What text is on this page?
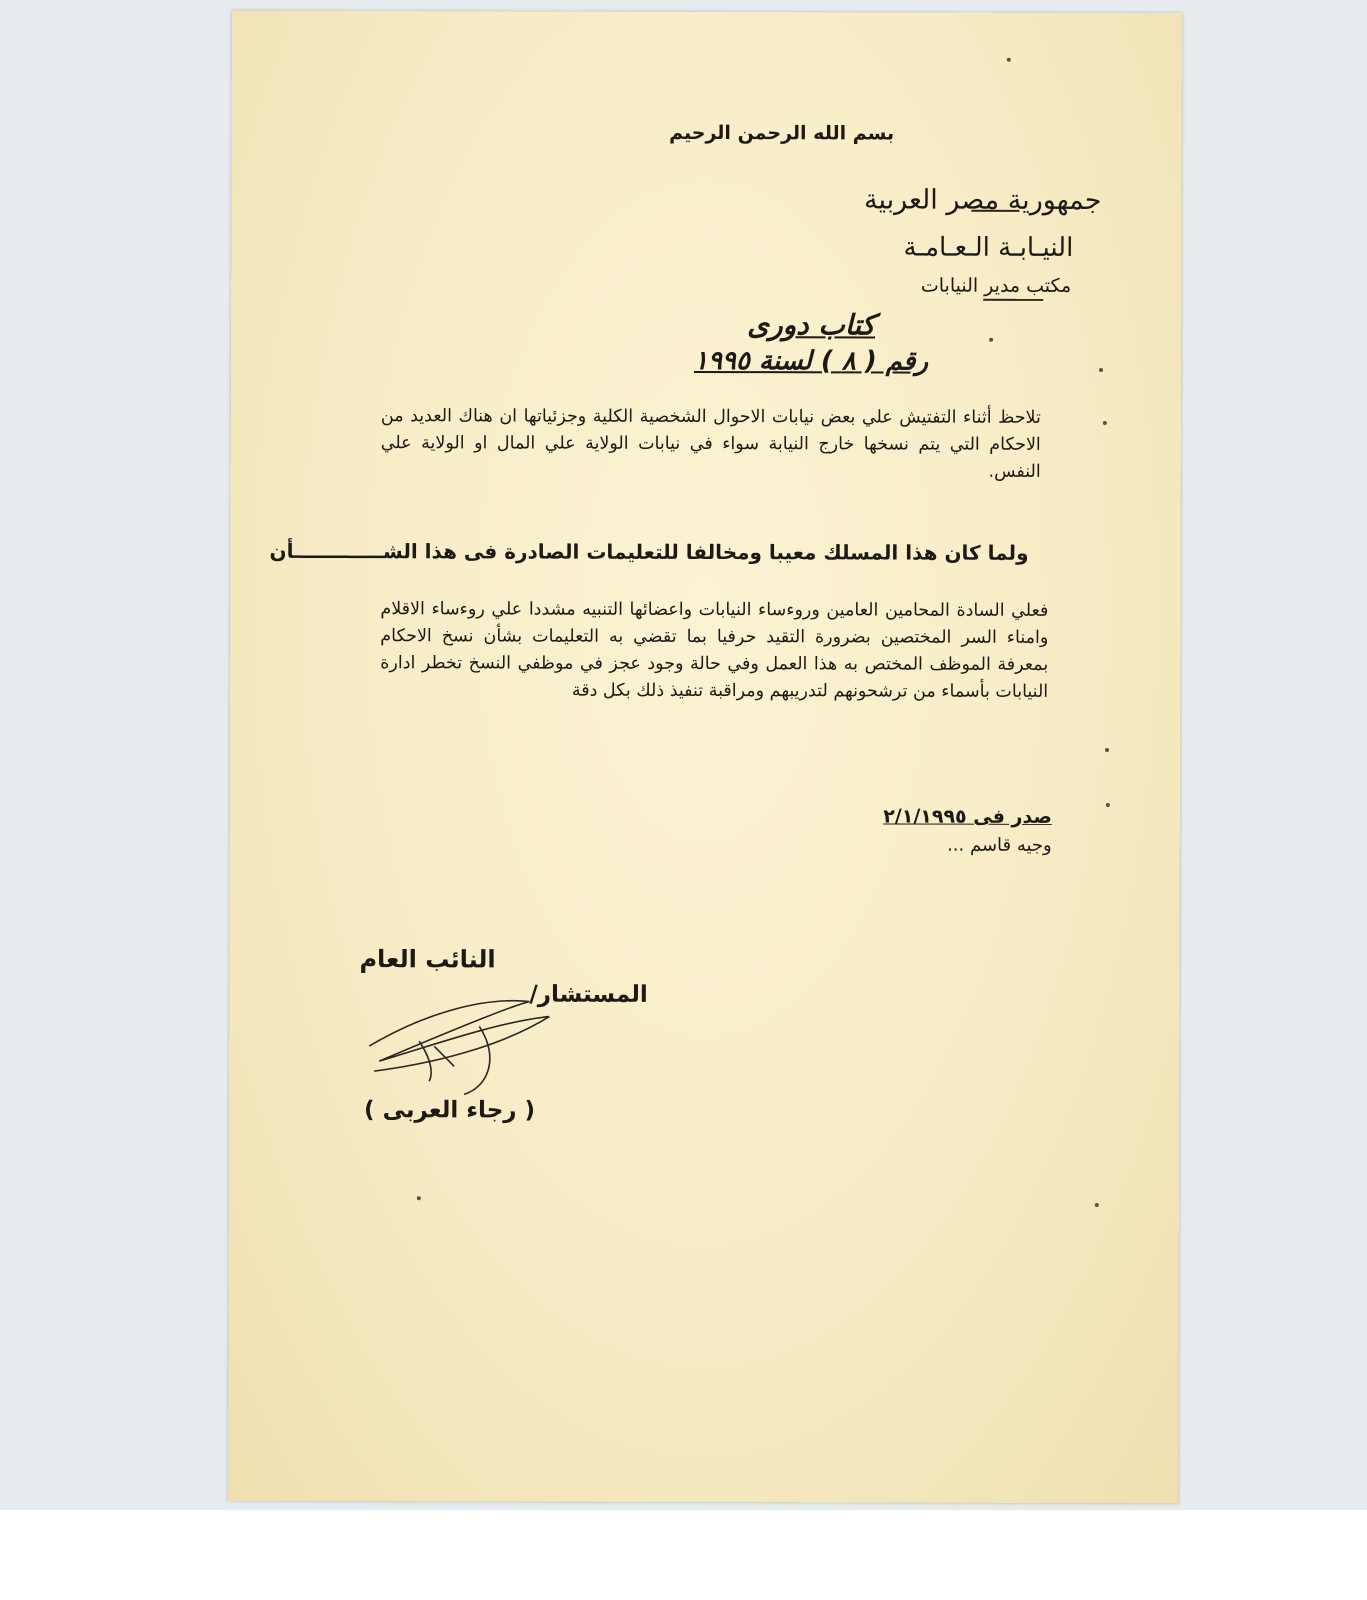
بسم الله الرحمن الرحيم
جمهورية مصر العربية
النيـابـة الـعـامـة
مكتب مدير النيابات
كتاب دورى
رقم ( ٨ ) لسنة ١٩٩٥
تلاحظ أثناء التفتيش علي بعض نيابات الاحوال الشخصية الكلية وجزئياتها ان هناك العديد من الاحكام التي يتم نسخها خارج النيابة سواء في نيابات الولاية علي المال او الولاية علي النفس.
ولما كان هذا المسلك معيبا ومخالفا للتعليمات الصادرة فى هذا الشـــــــــــــأن
فعلي السادة المحامين العامين وروءساء النيابات واعضائها التنبيه مشددا علي روءساء الاقلام وامناء السر المختصين بضرورة التقيد حرفيا بما تقضي به التعليمات بشأن نسخ الاحكام بمعرفة الموظف المختص به هذا العمل وفي حالة وجود عجز في موظفي النسخ تخطر ادارة النيابات بأسماء من ترشحونهم لتدريبهم ومراقبة تنفيذ ذلك بكل دقة
صدر فى ٢/١/١٩٩٥
وجيه قاسم ...
النائب العام
المستشار/
( رجاء العربى )
